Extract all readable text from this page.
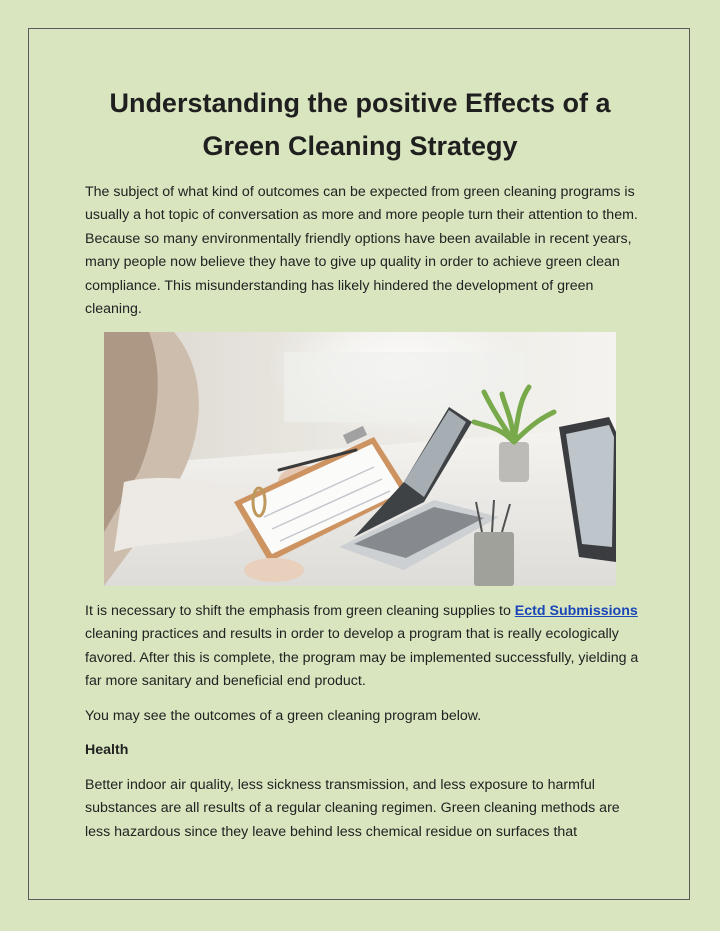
Understanding the positive Effects of a
Green Cleaning Strategy

The subject of what kind of outcomes can be expected from green cleaning programs is usually a hot topic of conversation as more and more people turn their attention to them. Because so many environmentally friendly options have been available in recent years, many people now believe they have to give up quality in order to achieve green clean compliance. This misunderstanding has likely hindered the development of green cleaning.

It is necessary to shift the emphasis from green cleaning supplies to Ectd Submissions cleaning practices and results in order to develop a program that is really ecologically favored. After this is complete, the program may be implemented successfully, yielding a far more sanitary and beneficial end product.

You may see the outcomes of a green cleaning program below.

Health

Better indoor air quality, less sickness transmission, and less exposure to harmful substances are all results of a regular cleaning regimen. Green cleaning methods are less hazardous since they leave behind less chemical residue on surfaces that
